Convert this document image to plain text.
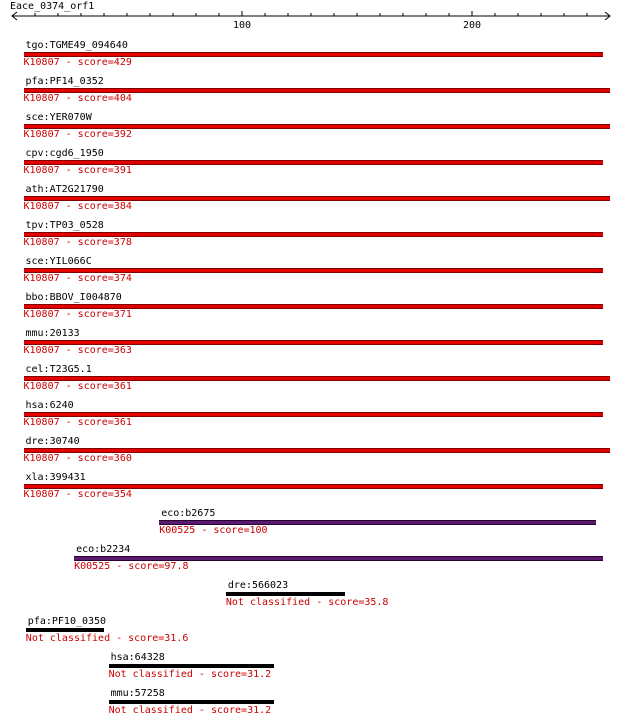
Eace_0374_orf1
tgo:TGME49_094640
K10807 - score=429
pfa:PF14_0352
K10807 - score=404
sce:YER070W
K10807 - score=392
cpv:cgd6_1950
K10807 - score=391
ath:AT2G21790
K10807 - score=384
tpv:TP03_0528
K10807 - score=378
sce:YIL066C
K10807 - score=374
bbo:BBOV_I004870
K10807 - score=371
mmu:20133
K10807 - score=363
cel:T23G5.1
K10807 - score=361
hsa:6240
K10807 - score=361
dre:30740
K10807 - score=360
xla:399431
K10807 - score=354
eco:b2675
K00525 - score=100
eco:b2234
K00525 - score=97.8
dre:566023
Not classified - score=35.8
pfa:PF10_0350
Not classified - score=31.6
hsa:64328
Not classified - score=31.2
mmu:57258
Not classified - score=31.2
100	200
